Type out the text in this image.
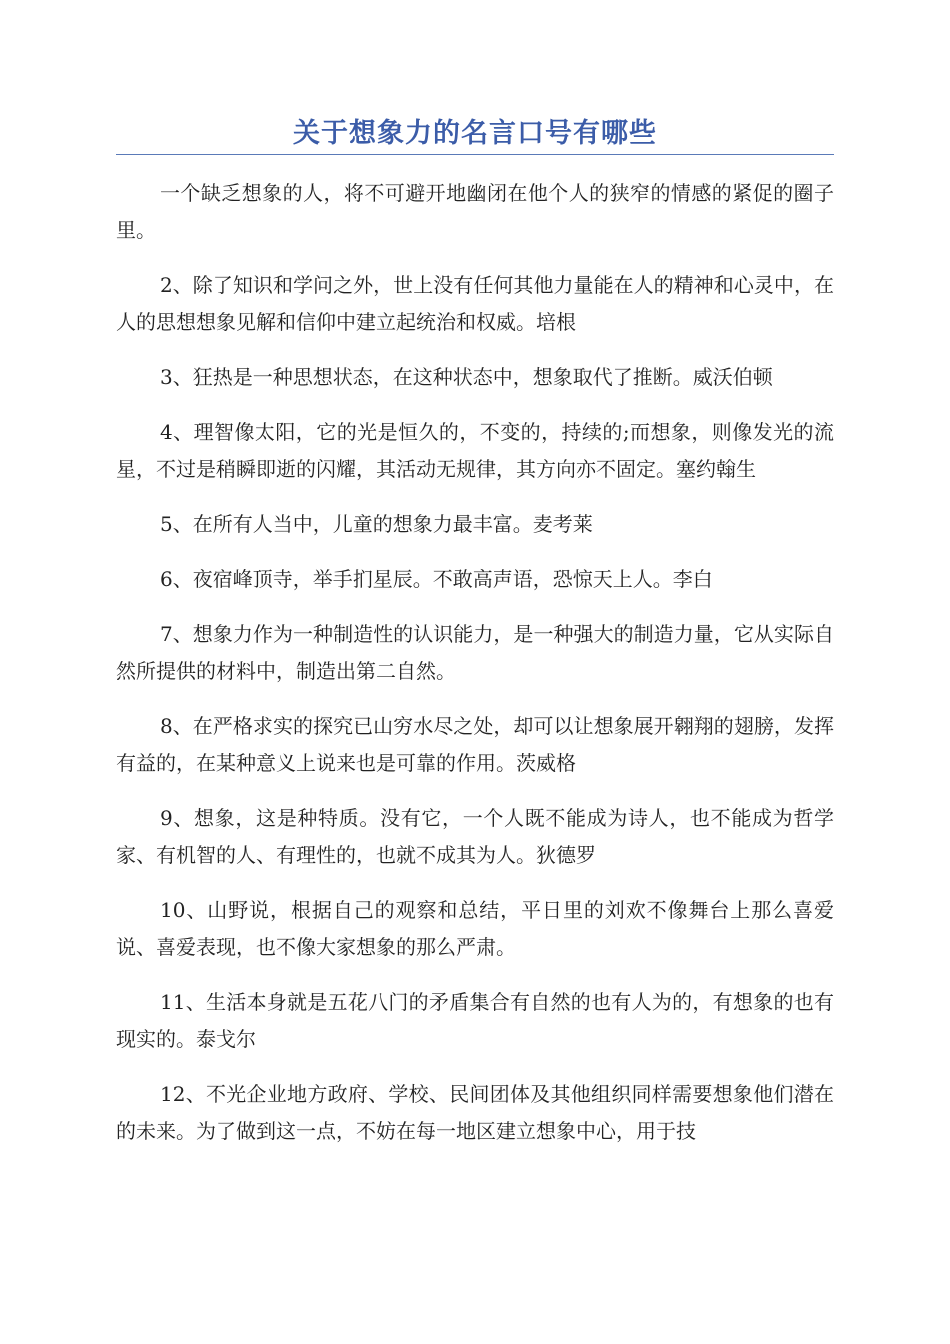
关于想象力的名言口号有哪些

一个缺乏想象的人，将不可避开地幽闭在他个人的狭窄的情感的紧促的圈子里。

2、除了知识和学问之外，世上没有任何其他力量能在人的精神和心灵中，在人的思想想象见解和信仰中建立起统治和权威。培根

3、狂热是一种思想状态，在这种状态中，想象取代了推断。威沃伯顿

4、理智像太阳，它的光是恒久的，不变的，持续的;而想象，则像发光的流星，不过是稍瞬即逝的闪耀，其活动无规律，其方向亦不固定。塞约翰生

5、在所有人当中，儿童的想象力最丰富。麦考莱

6、夜宿峰顶寺，举手扪星辰。不敢高声语，恐惊天上人。李白

7、想象力作为一种制造性的认识能力，是一种强大的制造力量，它从实际自然所提供的材料中，制造出第二自然。

8、在严格求实的探究已山穷水尽之处，却可以让想象展开翱翔的翅膀，发挥有益的，在某种意义上说来也是可靠的作用。茨威格

9、想象，这是种特质。没有它，一个人既不能成为诗人，也不能成为哲学家、有机智的人、有理性的，也就不成其为人。狄德罗

10、山野说，根据自己的观察和总结，平日里的刘欢不像舞台上那么喜爱说、喜爱表现，也不像大家想象的那么严肃。

11、生活本身就是五花八门的矛盾集合有自然的也有人为的，有想象的也有现实的。泰戈尔

12、不光企业地方政府、学校、民间团体及其他组织同样需要想象他们潜在的未来。为了做到这一点，不妨在每一地区建立想象中心，用于技
